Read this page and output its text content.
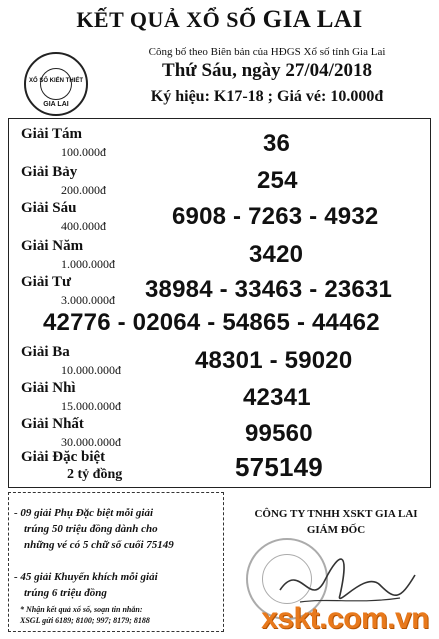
XỔ SỐ KIẾN THIẾT
GIA LAI
KẾT QUẢ XỔ SỐ GIA LAI
Công bố theo Biên bản của HĐGS Xổ số tỉnh Gia Lai
Thứ Sáu, ngày 27/04/2018
Ký hiệu: K17-18 ; Giá vé: 10.000đ
Giải Tám
100.000đ	36
Giải Bảy
200.000đ	254
Giải Sáu
400.000đ	6908 - 7263 - 4932
Giải Năm
1.000.000đ	3420
Giải Tư
3.000.000đ 38984 - 33463 - 23631
42776 - 02064 - 54865 - 44462
Giải Ba
10.000.000đ	48301 - 59020
Giải Nhì
15.000.000đ	42341
Giải Nhất
30.000.000đ	99560
Giải Đặc biệt
2 tỷ đồng	575149
- 09 giải Phụ Đặc biệt mỗi giải
trúng 50 triệu đồng dành cho
những vé có 5 chữ số cuối 75149
- 45 giải Khuyến khích mỗi giải
trúng 6 triệu đồng
* Nhận kết quả xổ số, soạn tin nhắn:
XSGL gửi 6189; 8100; 997; 8179; 8188
CÔNG TY TNHH XSKT GIA LAI
GIÁM ĐỐC
xskt.com.vn
